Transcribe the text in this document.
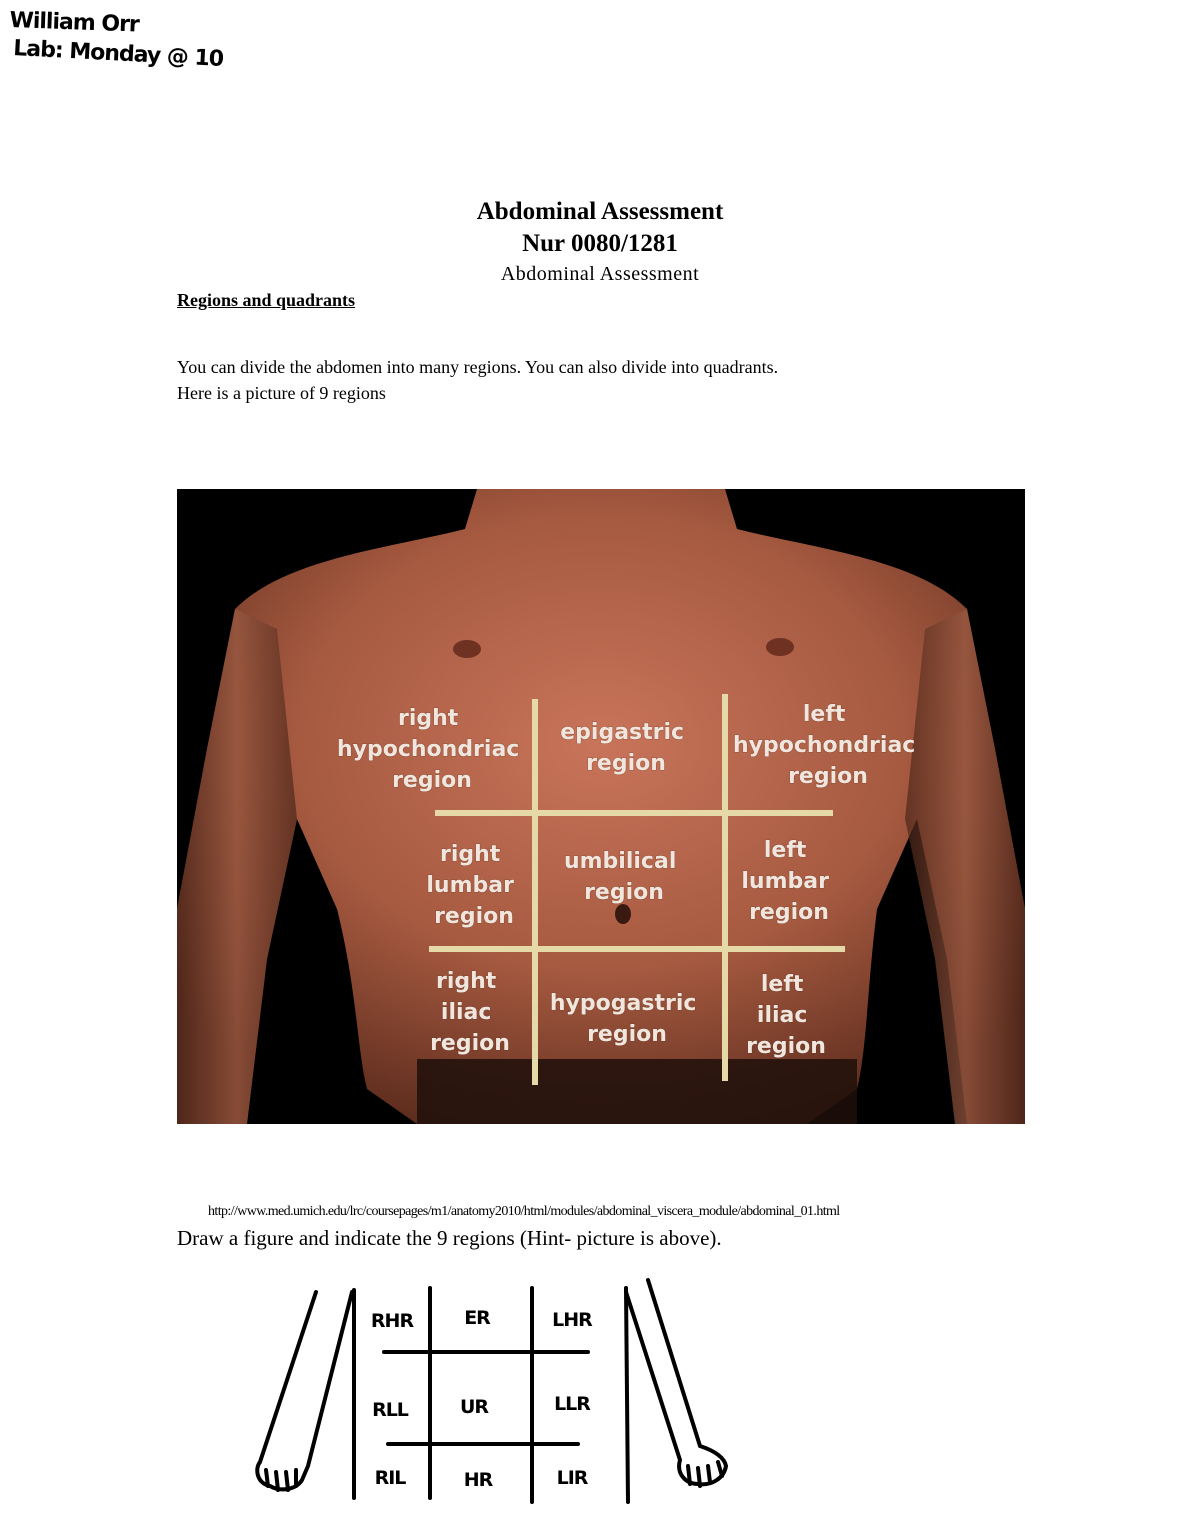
William Orr
Lab: Monday @ 10
Abdominal Assessment
Nur 0080/1281
Abdominal Assessment
Regions and quadrants
You can divide the abdomen into many regions. You can also divide into quadrants.
Here is a picture of 9 regions
right hypochondriac region
epigastric region
left hypochondriac region
right lumbar region
umbilical region
left lumbar region
right iliac region
hypogastric region
left iliac region
http://www.med.umich.edu/lrc/coursepages/m1/anatomy2010/html/modules/abdominal_viscera_module/abdominal_01.html
Draw a figure and indicate the 9 regions (Hint- picture is above).
RHR	ER	LHR
RLL	UR	LLR
RIL	HR	LIR
